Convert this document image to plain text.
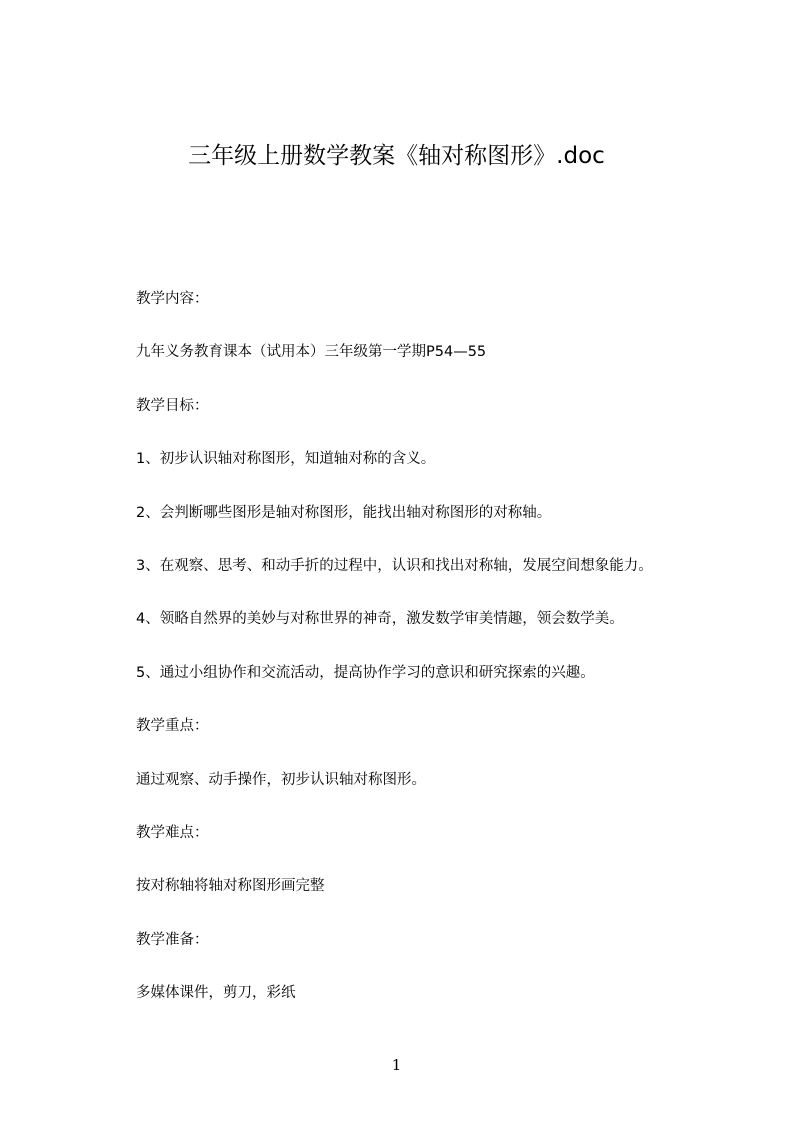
三年级上册数学教案《轴对称图形》.doc
教学内容：
九年义务教育课本（试用本）三年级第一学期P54—55
教学目标：
1、初步认识轴对称图形，知道轴对称的含义。
2、会判断哪些图形是轴对称图形，能找出轴对称图形的对称轴。
3、在观察、思考、和动手折的过程中，认识和找出对称轴，发展空间想象能力。
4、领略自然界的美妙与对称世界的神奇，激发数学审美情趣，领会数学美。
5、通过小组协作和交流活动，提高协作学习的意识和研究探索的兴趣。
教学重点：
通过观察、动手操作，初步认识轴对称图形。
教学难点：
按对称轴将轴对称图形画完整
教学准备：
多媒体课件，剪刀，彩纸
1
